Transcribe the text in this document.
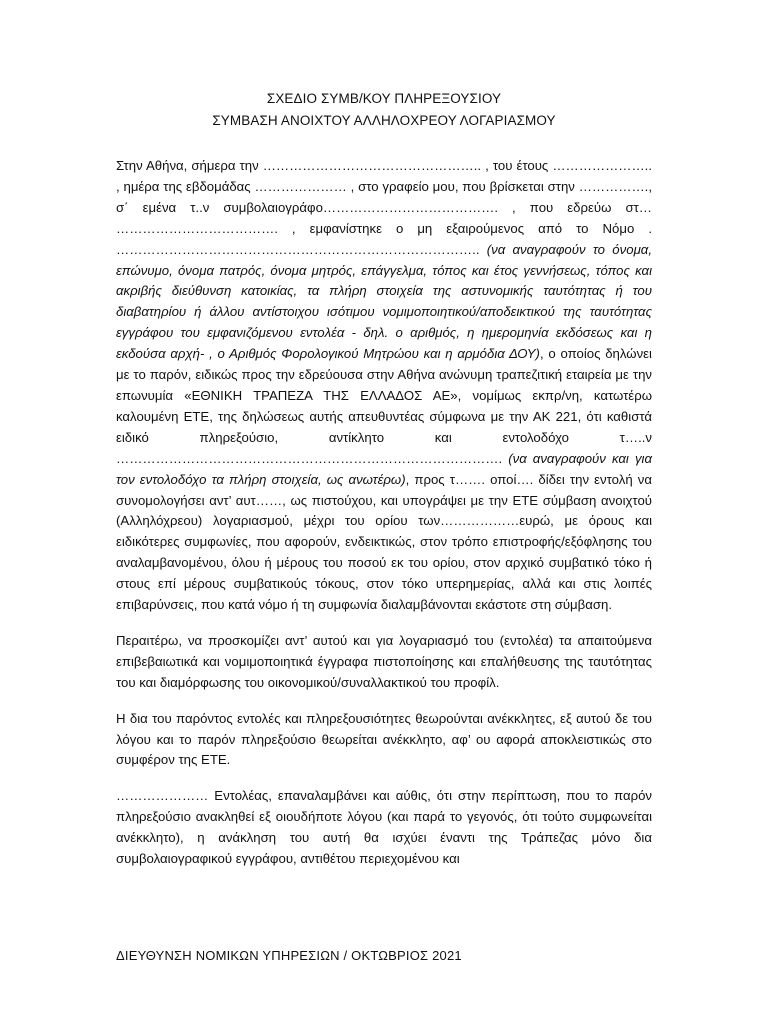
ΣΧΕΔΙΟ ΣΥΜΒ/ΚΟΥ ΠΛΗΡΕΞΟΥΣΙΟΥ
ΣΥΜΒΑΣΗ ΑΝΟΙΧΤΟΥ ΑΛΛΗΛΟΧΡΕΟΥ ΛΟΓΑΡΙΑΣΜΟΥ

Στην Αθήνα, σήμερα την ………………………………………….. , του έτους ………………….. , ημέρα της εβδομάδας ………………… , στο γραφείο μου, που βρίσκεται στην ……………., σ΄ εμένα τ..ν συμβολαιογράφο…………………………………. , που εδρεύω στ… ………………………………. , εμφανίστηκε ο μη εξαιρούμενος από το Νόμο . ……………………………………………………………………….. (να αναγραφούν το όνομα, επώνυμο, όνομα πατρός, όνομα μητρός, επάγγελμα, τόπος και έτος γεννήσεως, τόπος και ακριβής διεύθυνση κατοικίας, τα πλήρη στοιχεία της αστυνομικής ταυτότητας ή του διαβατηρίου ή άλλου αντίστοιχου ισότιμου νομιμοποιητικού/αποδεικτικού της ταυτότητας εγγράφου του εμφανιζόμενου εντολέα - δηλ. ο αριθμός, η ημερομηνία εκδόσεως και η εκδούσα αρχή- , ο Αριθμός Φορολογικού Μητρώου και η αρμόδια ΔΟΥ), ο οποίος δηλώνει με το παρόν, ειδικώς προς την εδρεύουσα στην Αθήνα ανώνυμη τραπεζιτική εταιρεία με την επωνυμία «ΕΘΝΙΚΗ ΤΡΑΠΕΖΑ ΤΗΣ ΕΛΛΑΔΟΣ ΑΕ», νομίμως εκπρ/νη, κατωτέρω καλουμένη ΕΤΕ, της δηλώσεως αυτής απευθυντέας σύμφωνα με την ΑΚ 221, ότι καθιστά ειδικό πληρεξούσιο, αντίκλητο και εντολοδόχο τ…..ν ……………………………………………………………………………. (να αναγραφούν και για τον εντολοδόχο τα πλήρη στοιχεία, ως ανωτέρω), προς τ……. οποί…. δίδει την εντολή να συνομολογήσει αντ’ αυτ……, ως πιστούχου, και υπογράψει με την ΕΤΕ σύμβαση ανοιχτού (Αλληλόχρεου) λογαριασμού, μέχρι του ορίου των………………ευρώ, με όρους και ειδικότερες συμφωνίες, που αφορούν, ενδεικτικώς, στον τρόπο επιστροφής/εξόφλησης του αναλαμβανομένου, όλου ή μέρους του ποσού εκ του ορίου, στον αρχικό συμβατικό τόκο ή στους επί μέρους συμβατικούς τόκους, στον τόκο υπερημερίας, αλλά και στις λοιπές επιβαρύνσεις, που κατά νόμο ή τη συμφωνία διαλαμβάνονται εκάστοτε στη σύμβαση.

Περαιτέρω, να προσκομίζει αντ’ αυτού και για λογαριασμό του (εντολέα) τα απαιτούμενα επιβεβαιωτικά και νομιμοποιητικά έγγραφα πιστοποίησης και επαλήθευσης της ταυτότητας του και διαμόρφωσης του οικονομικού/συναλλακτικού του προφίλ.

Η δια του παρόντος εντολές και πληρεξουσιότητες θεωρούνται ανέκκλητες, εξ αυτού δε του λόγου και το παρόν πληρεξούσιο θεωρείται ανέκκλητο, αφ’ ου αφορά αποκλειστικώς στο συμφέρον της ΕΤΕ.

………………… Εντολέας, επαναλαμβάνει και αύθις, ότι στην περίπτωση, που το παρόν πληρεξούσιο ανακληθεί εξ οιουδήποτε λόγου (και παρά το γεγονός, ότι τούτο συμφωνείται ανέκκλητο), η ανάκληση του αυτή θα ισχύει έναντι της Τράπεζας μόνο δια συμβολαιογραφικού εγγράφου, αντιθέτου περιεχομένου και

ΔΙΕΥΘΥΝΣΗ ΝΟΜΙΚΩΝ ΥΠΗΡΕΣΙΩΝ / ΟΚΤΩΒΡΙΟΣ 2021
